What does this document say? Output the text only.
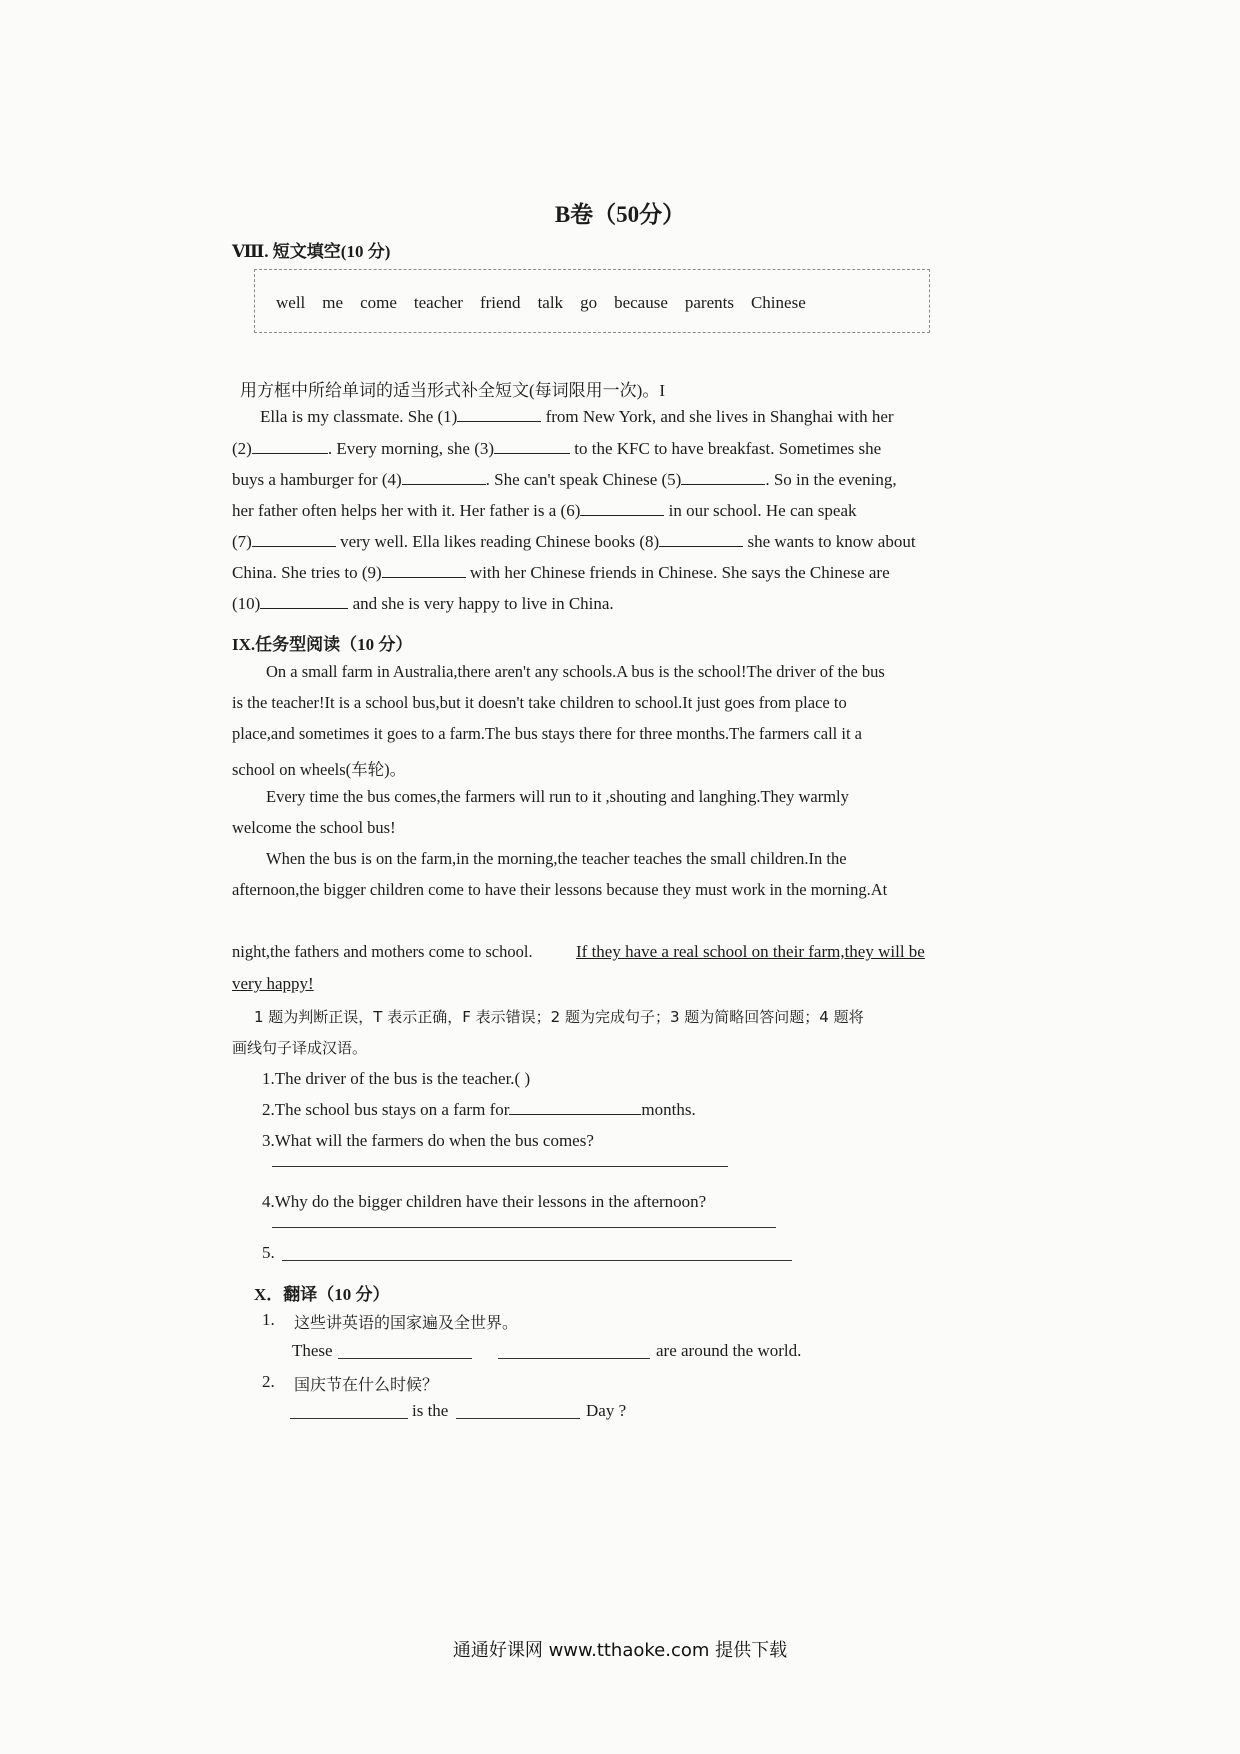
B卷（50分）
Ⅷ. 短文填空(10 分)
well me come teacher friend talk go because parents Chinese
用方框中所给单词的适当形式补全短文(每词限用一次)。I
Ella is my classmate. She (1)	from New York, and she lives in Shanghai with her
(2)	. Every morning, she (3)	to the KFC to have breakfast. Sometimes she
buys a hamburger for (4)	. She can't speak Chinese (5)	. So in the evening,
her father often helps her with it. Her father is a (6)	in our school. He can speak
(7)	very well. Ella likes reading Chinese books (8)	she wants to know about
China. She tries to (9)	with her Chinese friends in Chinese. She says the Chinese are
(10)	and she is very happy to live in China.
IX.任务型阅读（10 分）
On a small farm in Australia,there aren't any schools.A bus is the school!The driver of the bus
is the teacher!It is a school bus,but it doesn't take children to school.It just goes from place to
place,and sometimes it goes to a farm.The bus stays there for three months.The farmers call it a
school on wheels(车轮)。
Every time the bus comes,the farmers will run to it ,shouting and langhing.They warmly
welcome the school bus!
When the bus is on the farm,in the morning,the teacher teaches the small children.In the
afternoon,the bigger children come to have their lessons because they must work in the morning.At
night,the fathers and mothers come to school.	If they have a real school on their farm,they will be
very happy!
1 题为判断正误，T 表示正确，F 表示错误；2 题为完成句子；3 题为简略回答问题；4 题将
画线句子译成汉语。
1.The driver of the bus is the teacher.( )
2.The school bus stays on a farm for	months.
3.What will the farmers do when the bus comes?
4.Why do the bigger children have their lessons in the afternoon?
5.
X．翻译（10 分）
1. 这些讲英语的国家遍及全世界。
These	are around the world.
2. 国庆节在什么时候？
is the	Day ?
通通好课网 www.tthaoke.com 提供下载
